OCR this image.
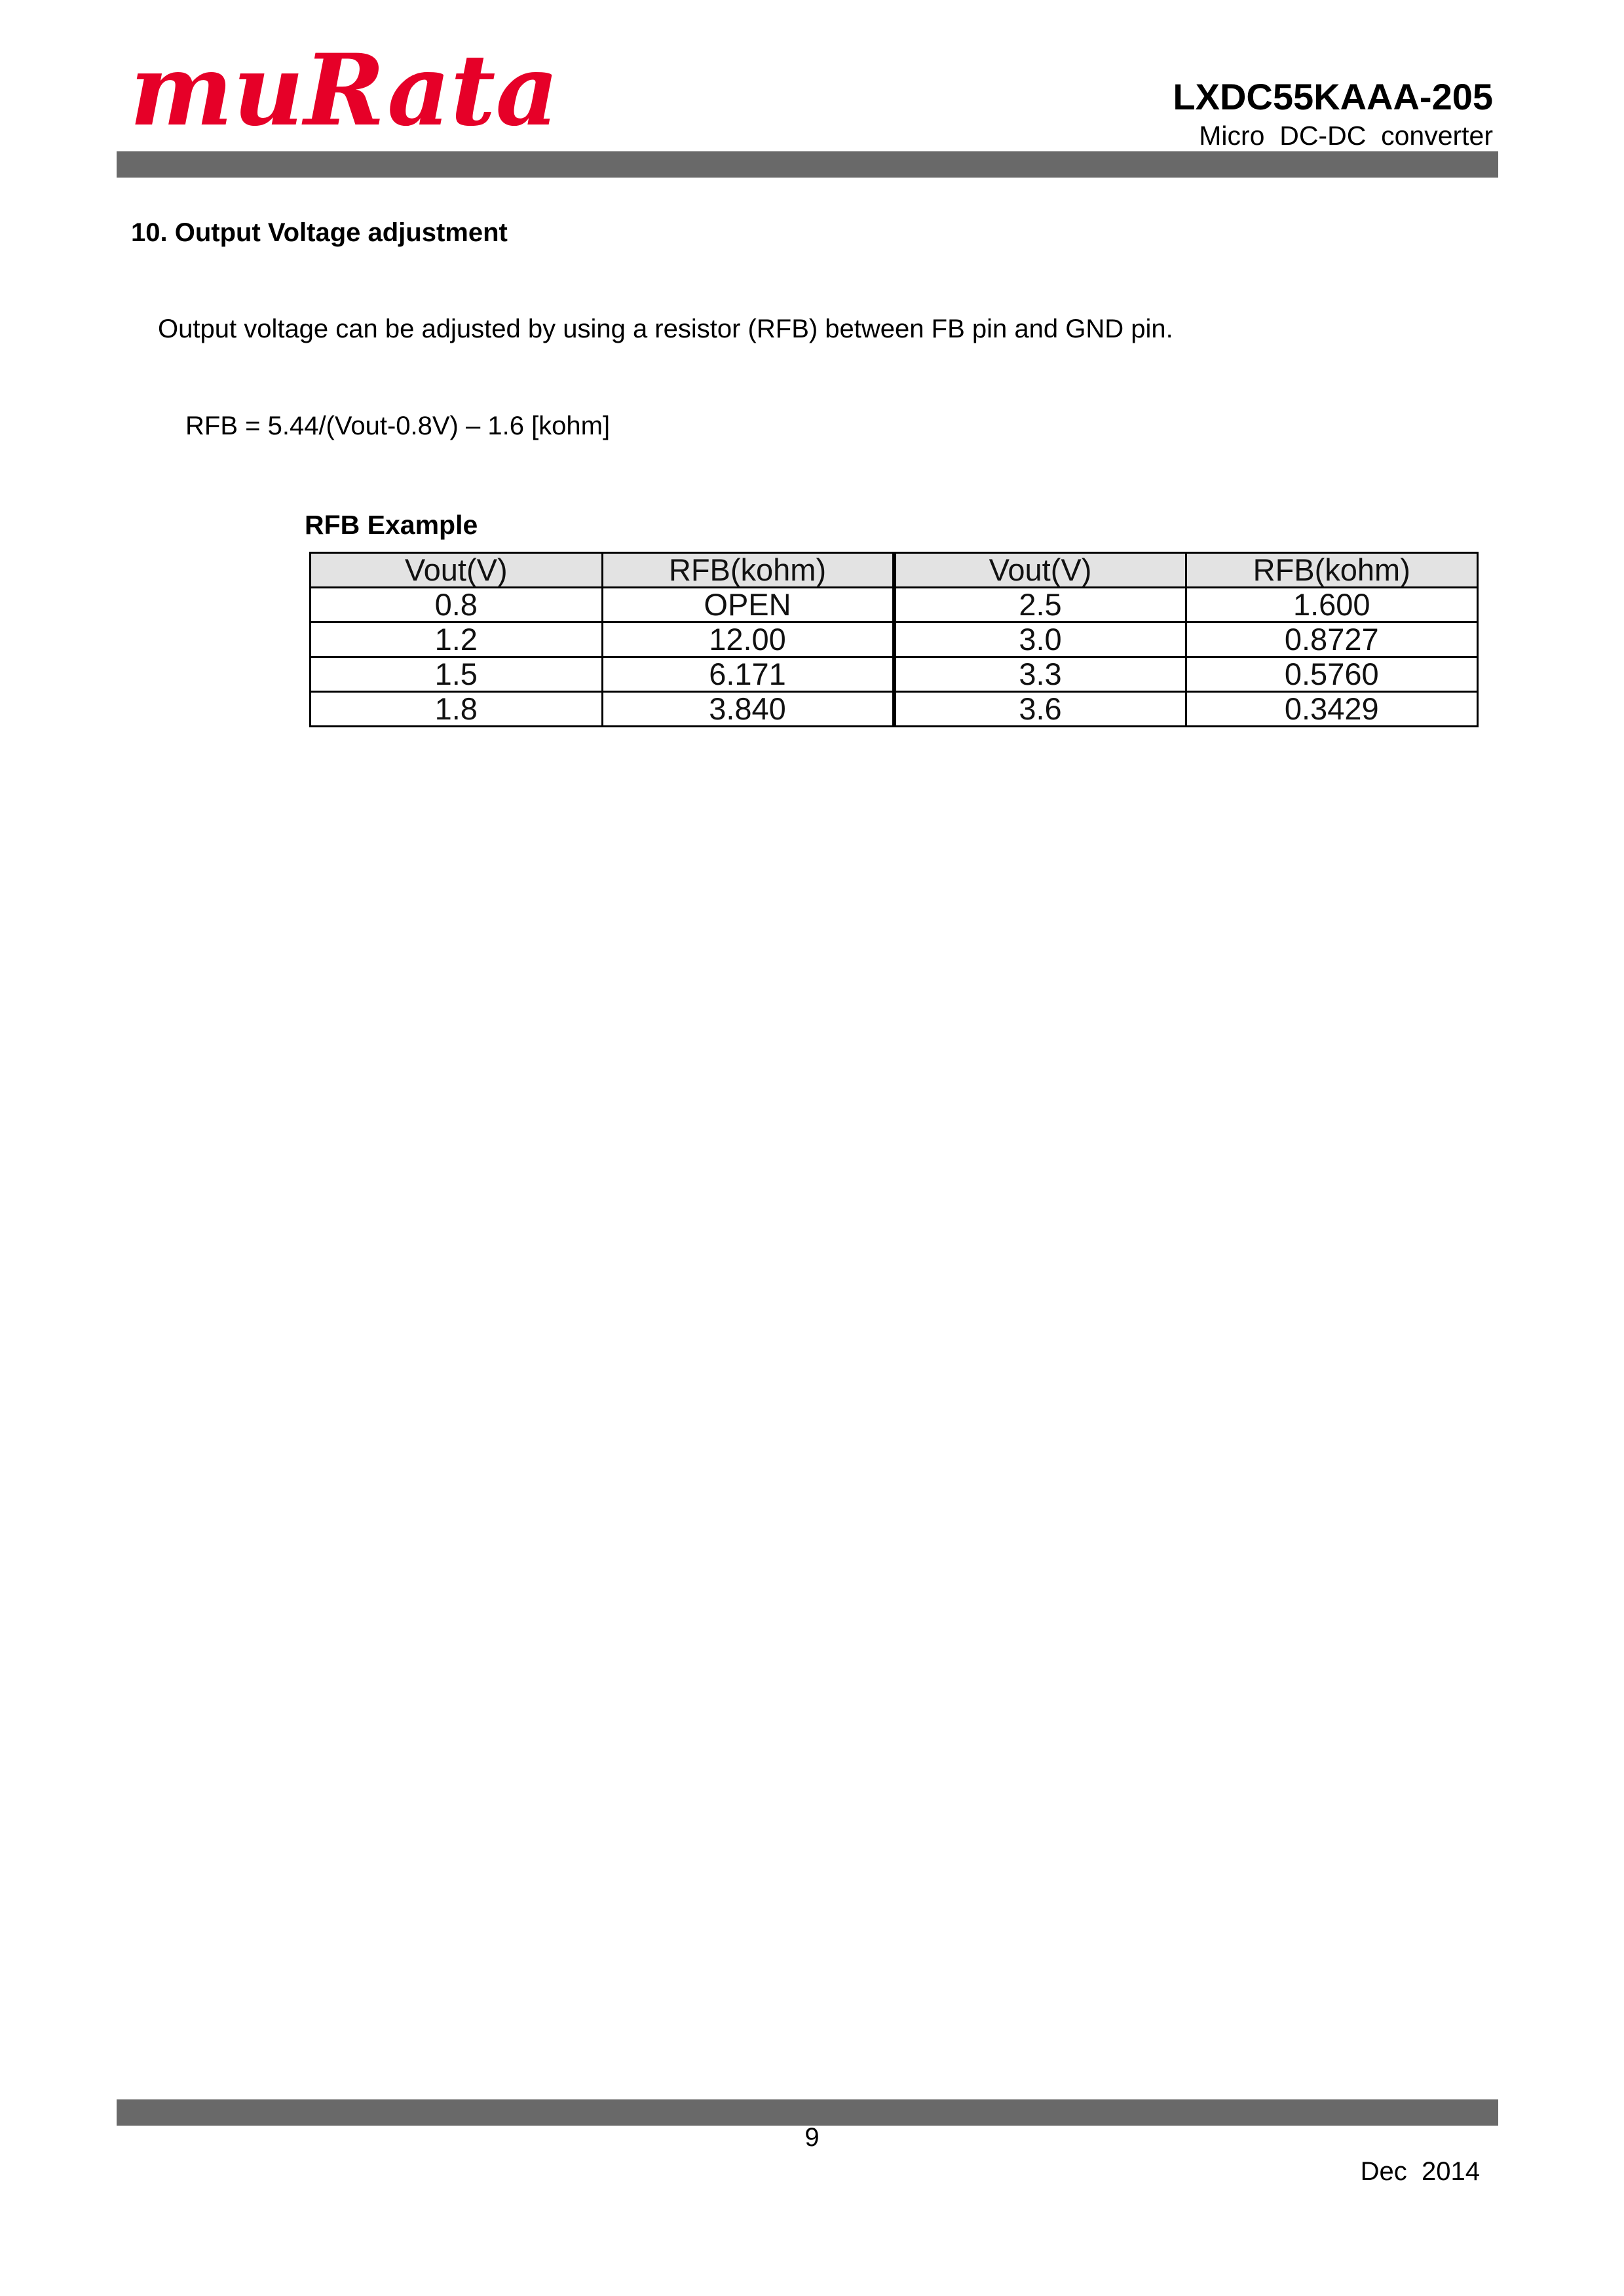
muRata	LXDC55KAAA-205
Micro  DC-DC  converter
10. Output Voltage adjustment
Output voltage can be adjusted by using a resistor (RFB) between FB pin and GND pin.
RFB = 5.44/(Vout-0.8V) – 1.6 [kohm]
RFB Example
Vout(V)	RFB(kohm)	Vout(V)	RFB(kohm)
0.8	OPEN	2.5	1.600
1.2	12.00	3.0	0.8727
1.5	6.171	3.3	0.5760
1.8	3.840	3.6	0.3429
9
Dec  2014
